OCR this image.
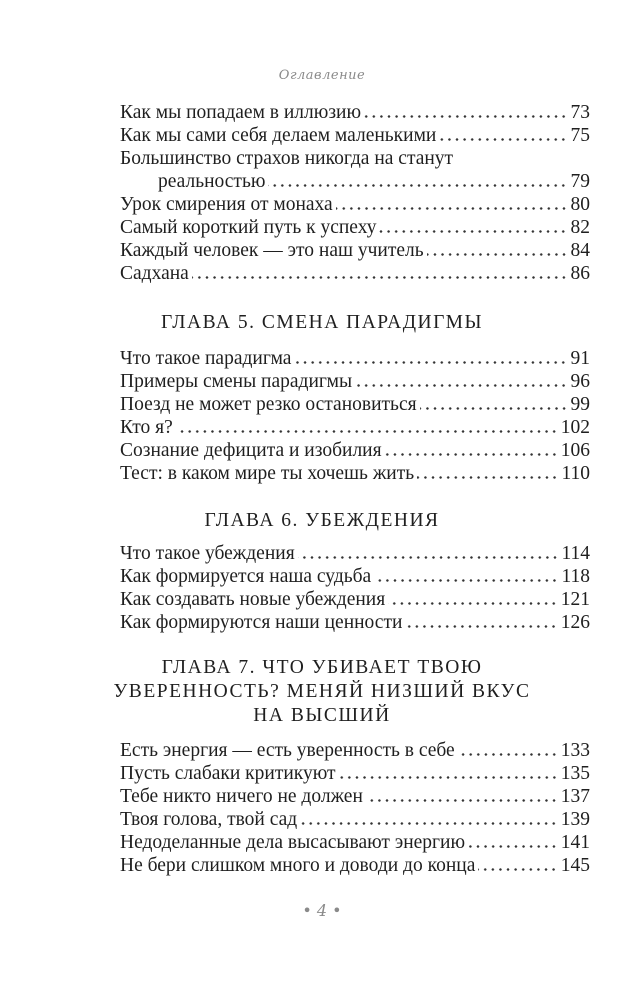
Оглавление
Как мы попадаем в иллюзию	73
Как мы сами себя делаем маленькими	75
Большинство страхов никогда на станут
реальностью	79
Урок смирения от монаха	80
Самый короткий путь к успеху	82
Каждый человек — это наш учитель	84
Садхана	86
ГЛАВА 5. СМЕНА ПАРАДИГМЫ
Что такое парадигма	91
Примеры смены парадигмы	96
Поезд не может резко остановиться	99
Кто я?	102
Сознание дефицита и изобилия	106
Тест: в каком мире ты хочешь жить	110
ГЛАВА 6. УБЕЖДЕНИЯ
Что такое убеждения	114
Как формируется наша судьба	118
Как создавать новые убеждения	121
Как формируются наши ценности	126
ГЛАВА 7. ЧТО УБИВАЕТ ТВОЮ
УВЕРЕННОСТЬ? МЕНЯЙ НИЗШИЙ ВКУС
НА ВЫСШИЙ
Есть энергия — есть уверенность в себе	133
Пусть слабаки критикуют	135
Тебе никто ничего не должен	137
Твоя голова, твой сад	139
Недоделанные дела высасывают энергию	141
Не бери слишком много и доводи до конца	145
• 4 •
